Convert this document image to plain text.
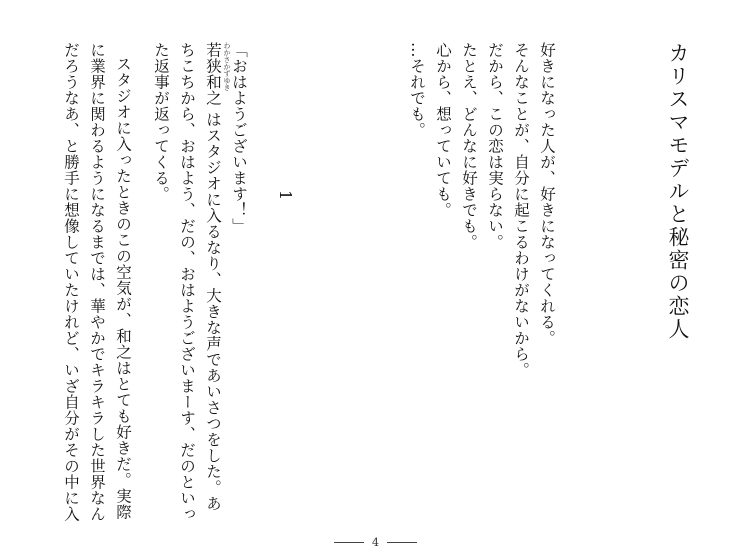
カリスマモデルと秘密の恋人
好きになった人が、好きになってくれる。
そんなことが、自分に起こるわけがないから。
だから、この恋は実らない。
たとえ、どんなに好きでも。
心から、想っていても。
…それでも。
1
「おはようございます！」
若狭和之 わかさかずゆき
はスタジオに入るなり、大きな声であいさつをした。あ
ちこちから、おはよう、だの、おはようございまーす、だのといっ
た返事が返ってくる。
スタジオに入ったときのこの空気が、和之はとても好きだ。実際
に業界に関わるようになるまでは、華やかでキラキラした世界なん
だろうなあ、と勝手に想像していたけれど、いざ自分がその中に入
4
